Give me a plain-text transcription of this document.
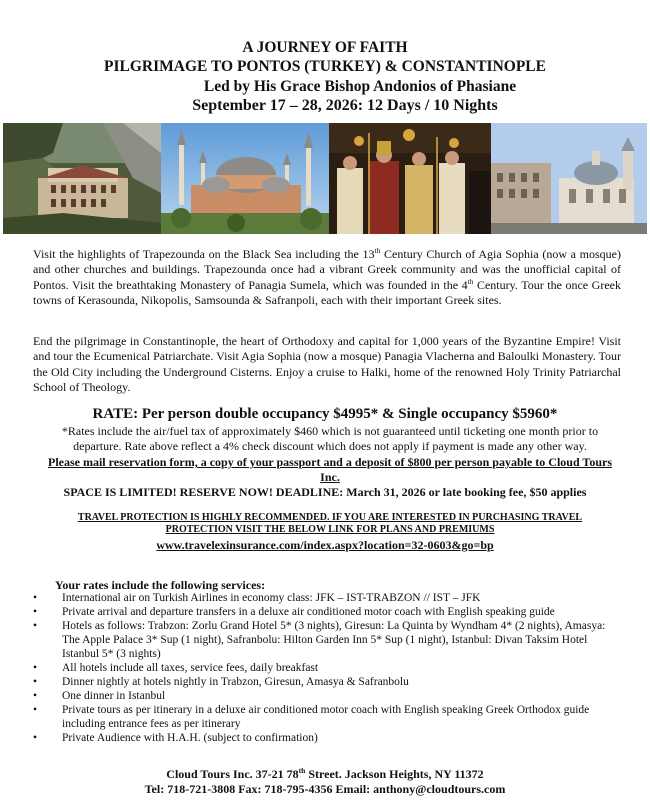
A JOURNEY OF FAITH
PILGRIMAGE TO PONTOS (TURKEY) & CONSTANTINOPLE
Led by His Grace Bishop Andonios of Phasiane
September 17 – 28, 2026: 12 Days / 10 Nights
Visit the highlights of Trapezounda on the Black Sea including the 13th Century Church of Agia Sophia (now a mosque) and other churches and buildings. Trapezounda once had a vibrant Greek community and was the unofficial capital of Pontos. Visit the breathtaking Monastery of Panagia Sumela, which was founded in the 4th Century. Tour the once Greek towns of Kerasounda, Nikopolis, Samsounda & Safranpoli, each with their important Greek sites.
End the pilgrimage in Constantinople, the heart of Orthodoxy and capital for 1,000 years of the Byzantine Empire! Visit and tour the Ecumenical Patriarchate. Visit Agia Sophia (now a mosque) Panagia Vlacherna and Baloulki Monastery. Tour the Old City including the Underground Cisterns. Enjoy a cruise to Halki, home of the renowned Holy Trinity Patriarchal School of Theology.
RATE: Per person double occupancy $4995* & Single occupancy $5960*
*Rates include the air/fuel tax of approximately $460 which is not guaranteed until ticketing one month prior to departure. Rate above reflect a 4% check discount which does not apply if payment is made any other way.
Please mail reservation form, a copy of your passport and a deposit of $800 per person payable to Cloud Tours Inc.
SPACE IS LIMITED! RESERVE NOW! DEADLINE: March 31, 2026 or late booking fee, $50 applies
TRAVEL PROTECTION IS HIGHLY RECOMMENDED. IF YOU ARE INTERESTED IN PURCHASING TRAVEL PROTECTION VISIT THE BELOW LINK FOR PLANS AND PREMIUMS
www.travelexinsurance.com/index.aspx?location=32-0603&go=bp
Your rates include the following services:
•	International air on Turkish Airlines in economy class: JFK – IST-TRABZON // IST – JFK
•	Private arrival and departure transfers in a deluxe air conditioned motor coach with English speaking guide
•	Hotels as follows: Trabzon: Zorlu Grand Hotel 5* (3 nights), Giresun: La Quinta by Wyndham 4* (2 nights), Amasya: The Apple Palace 3* Sup (1 night), Safranbolu: Hilton Garden Inn 5* Sup (1 night), Istanbul: Divan Taksim Hotel Istanbul 5* (3 nights)
•	All hotels include all taxes, service fees, daily breakfast
•	Dinner nightly at hotels nightly in Trabzon, Giresun, Amasya & Safranbolu
•	One dinner in Istanbul
•	Private tours as per itinerary in a deluxe air conditioned motor coach with English speaking Greek Orthodox guide including entrance fees as per itinerary
•	Private Audience with H.A.H. (subject to confirmation)
Cloud Tours Inc. 37-21 78th Street. Jackson Heights, NY 11372
Tel: 718-721-3808 Fax: 718-795-4356 Email: anthony@cloudtours.com
